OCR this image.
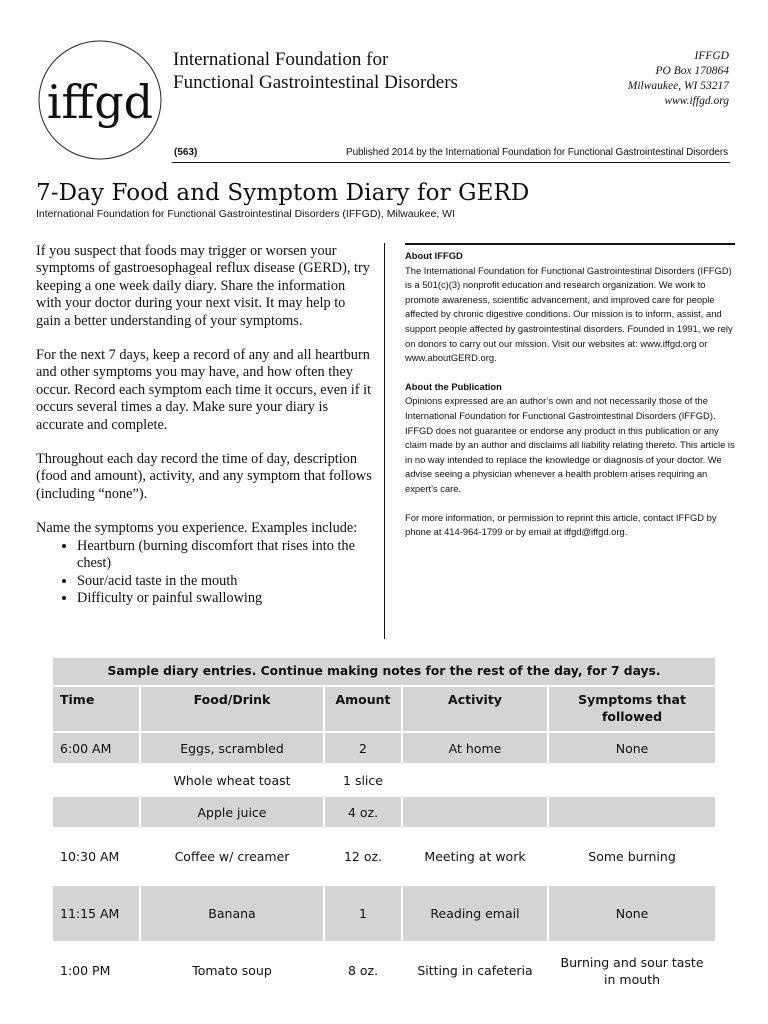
iffgd
International Foundation for
Functional Gastrointestinal Disorders
IFFGD
PO Box 170864
Milwaukee, WI 53217
www.iffgd.org
(563)	Published 2014 by the International Foundation for Functional Gastrointestinal Disorders
7-Day Food and Symptom Diary for GERD
International Foundation for Functional Gastrointestinal Disorders (IFFGD), Milwaukee, WI

If you suspect that foods may trigger or worsen your symptoms of gastroesophageal reflux disease (GERD), try keeping a one week daily diary. Share the information with your doctor during your next visit. It may help to gain a better understanding of your symptoms.

For the next 7 days, keep a record of any and all heartburn and other symptoms you may have, and how often they occur. Record each symptom each time it occurs, even if it occurs several times a day. Make sure your diary is accurate and complete.

Throughout each day record the time of day, description (food and amount), activity, and any symptom that follows (including “none”).

Name the symptoms you experience. Examples include:

• Heartburn (burning discomfort that rises into the chest)
• Sour/acid taste in the mouth
• Difficulty or painful swallowing
About IFFGD

The International Foundation for Functional Gastrointestinal Disorders (IFFGD) is a 501(c)(3) nonprofit education and research organization. We work to promote awareness, scientific advancement, and improved care for people affected by chronic digestive conditions. Our mission is to inform, assist, and support people affected by gastrointestinal disorders. Founded in 1991, we rely on donors to carry out our mission. Visit our websites at: www.iffgd.org or www.aboutGERD.org.

About the Publication

Opinions expressed are an author’s own and not necessarily those of the International Foundation for Functional Gastrointestinal Disorders (IFFGD). IFFGD does not guarantee or endorse any product in this publication or any claim made by an author and disclaims all liability relating thereto. This article is in no way intended to replace the knowledge or diagnosis of your doctor. We advise seeing a physician whenever a health problem arises requiring an expert’s care.

For more information, or permission to reprint this article, contact IFFGD by phone at 414-964-1799 or by email at iffgd@iffgd.org.

Sample diary entries. Continue making notes for the rest of the day, for 7 days.				
Time	Food/Drink	Amount	Activity	Symptoms that followed
6:00 AM	Eggs, scrambled	2	At home	None
	Whole wheat toast	1 slice		
	Apple juice	4 oz.		
10:30 AM	Coffee w/ creamer	12 oz.	Meeting at work	Some burning
11:15 AM	Banana	1	Reading email	None
1:00 PM	Tomato soup	8 oz.	Sitting in cafeteria	Burning and sour taste in mouth
